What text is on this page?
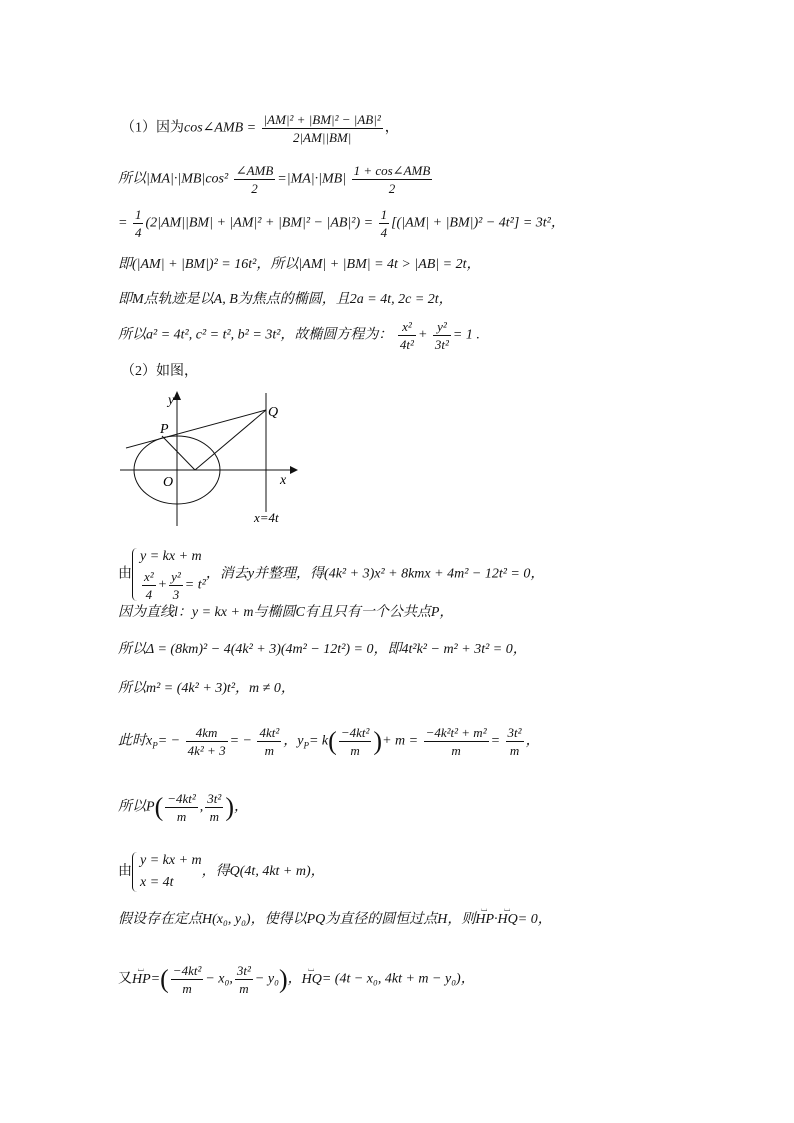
（1）因为cos∠AMB = $\frac{\text{|AM|² + |BM|² − |AB|²}}{2|AM||BM|}$ ，
所以$|MA|\cdot|MB|\cos^2 \frac{\text{∠AMB}}{2} =|MA|\cdot|MB| \frac{\text{1 + cos∠AMB}}{2}$
= $\frac{1}{4} (2|AM||BM| + |AM|^2 + |BM|^2 - |AB|^2) = \frac{1}{4} [(|AM| + |BM|)^2 - 4t^2] = 3t^2$，
即(|AM| + |BM|)² = 16t²，所以|AM| + |BM| = 4t > |AB| = 2t，
即M点轨迹是以A, B为焦点的椭圆，且2a = 4t, 2c = 2t，
所以a² = 4t², c² = t², b² = 3t²，故椭圆方程为： $\frac{\text{x²}}{\text{4t²}} + \frac{\text{y²}}{\text{3t²}} = 1$ .
（2）如图，
y
x
O
P
Q
x=4t
由
y = kx + m
$\frac{\text{x²}}{4} + \frac{\text{y²}}{3} = t^2$
，消去y并整理，得(4k² + 3)x² + 8kmx + 4m² − 12t² = 0，
因为直线l：y = kx + m与椭圆C有且只有一个公共点P，
所以Δ = (8km)² − 4(4k² + 3)(4m² − 12t²) = 0，即4t²k² − m² + 3t² = 0，
所以m² = (4k² + 3)t²，m ≠ 0，
此时$x_P= - \frac{4km}{\text{4k² + 3}}$ = − $\frac{\text{4kt²}}{m}$ ，$y_P= k( \frac{\text{−4kt²}}{m}$ )+ $m = \frac{\text{−4k²t² + m²}}{m} = \frac{\text{3t²}}{m}$ ，
所以$P( \frac{\text{−4kt²}}{m}$ , $\frac{\text{3t²}}{m}$ )，
由
y = kx + m
x = 4t
，得Q(4t, 4kt + m)，
假设存在定点H(x₀, y₀)，使得以PQ为直径的圆恒过点H，则⌴ HP·⌴ HQ= 0，
又⌴ $HP=( \frac{\text{−4kt²}}{m} - x_0$, $\frac{\text{3t²}}{m} - y_0$)，⌴ HQ= (4t − x₀, 4kt + m − y₀)，
